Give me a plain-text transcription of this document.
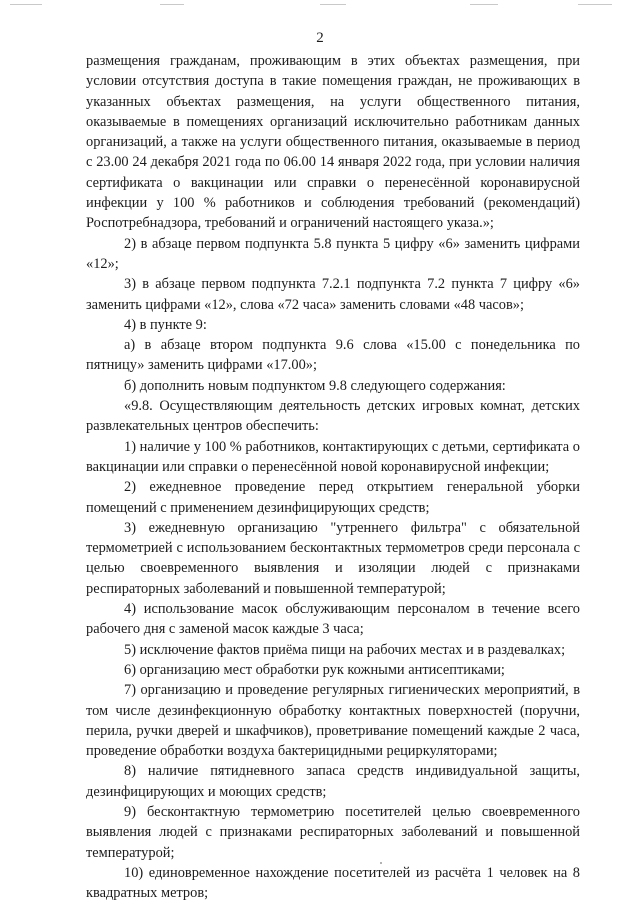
2

размещения гражданам, проживающим в этих объектах размещения, при условии отсутствия доступа в такие помещения граждан, не проживающих в указанных объектах размещения, на услуги общественного питания, оказываемые в помещениях организаций исключительно работникам данных организаций, а также на услуги общественного питания, оказываемые в период с 23.00 24 декабря 2021 года по 06.00 14 января 2022 года, при условии наличия сертификата о вакцинации или справки о перенесённой коронавирусной инфекции у 100 % работников и соблюдения требований (рекомендаций) Роспотребнадзора, требований и ограничений настоящего указа.»;

2) в абзаце первом подпункта 5.8 пункта 5 цифру «6» заменить цифрами «12»;

3) в абзаце первом подпункта 7.2.1 подпункта 7.2 пункта 7 цифру «6» заменить цифрами «12», слова «72 часа» заменить словами «48 часов»;

4) в пункте 9:

а) в абзаце втором подпункта 9.6 слова «15.00 с понедельника по пятницу» заменить цифрами «17.00»;

б) дополнить новым подпунктом 9.8 следующего содержания:

«9.8. Осуществляющим деятельность детских игровых комнат, детских развлекательных центров обеспечить:

1) наличие у 100 % работников, контактирующих с детьми, сертификата о вакцинации или справки о перенесённой новой коронавирусной инфекции;

2) ежедневное проведение перед открытием генеральной уборки помещений с применением дезинфицирующих средств;

3) ежедневную организацию "утреннего фильтра" с обязательной термометрией с использованием бесконтактных термометров среди персонала с целью своевременного выявления и изоляции людей с признаками респираторных заболеваний и повышенной температурой;

4) использование масок обслуживающим персоналом в течение всего рабочего дня с заменой масок каждые 3 часа;

5) исключение фактов приёма пищи на рабочих местах и в раздевалках;

6) организацию мест обработки рук кожными антисептиками;

7) организацию и проведение регулярных гигиенических мероприятий, в том числе дезинфекционную обработку контактных поверхностей (поручни, перила, ручки дверей и шкафчиков), проветривание помещений каждые 2 часа, проведение обработки воздуха бактерицидными рециркуляторами;

8) наличие пятидневного запаса средств индивидуальной защиты, дезинфицирующих и моющих средств;

9) бесконтактную термометрию посетителей целью своевременного выявления людей с признаками респираторных заболеваний и повышенной температурой;

10) единовременное нахождение посетителей из расчёта 1 человек на 8 квадратных метров;
